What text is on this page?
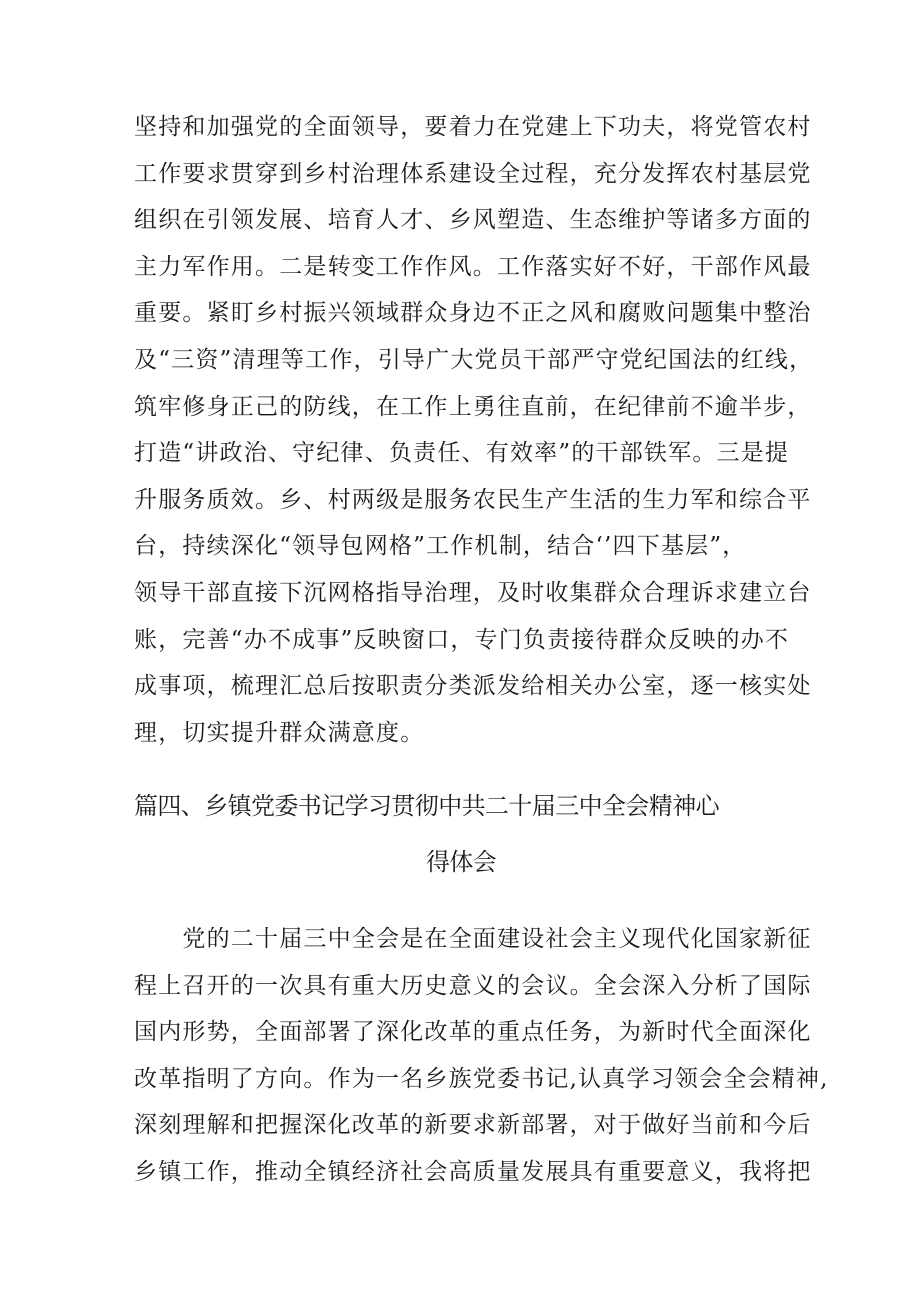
坚持和加强党的全面领导，要着力在党建上下功夫，将党管农村
工作要求贯穿到乡村治理体系建设全过程，充分发挥农村基层党
组织在引领发展、培育人才、乡风塑造、生态维护等诸多方面的
主力军作用。二是转变工作作风。工作落实好不好，干部作风最
重要。紧盯乡村振兴领域群众身边不正之风和腐败问题集中整治
及“三资”清理等工作，引导广大党员干部严守党纪国法的红线，
筑牢修身正己的防线，在工作上勇往直前，在纪律前不逾半步，
打造“讲政治、守纪律、负责任、有效率”的干部铁军。三是提
升服务质效。乡、村两级是服务农民生产生活的生力军和综合平
台，持续深化“领导包网格”工作机制，结合‘’四下基层”，
领导干部直接下沉网格指导治理，及时收集群众合理诉求建立台
账，完善“办不成事”反映窗口，专门负责接待群众反映的办不
成事项，梳理汇总后按职责分类派发给相关办公室，逐一核实处
理，切实提升群众满意度。

篇四、乡镇党委书记学习贯彻中共二十届三中全会精神心
得体会

　　党的二十届三中全会是在全面建设社会主义现代化国家新征
程上召开的一次具有重大历史意义的会议。全会深入分析了国际
国内形势，全面部署了深化改革的重点任务，为新时代全面深化
改革指明了方向。作为一名乡族党委书记,认真学习领会全会精神,
深刻理解和把握深化改革的新要求新部署，对于做好当前和今后
乡镇工作，推动全镇经济社会高质量发展具有重要意义，我将把
